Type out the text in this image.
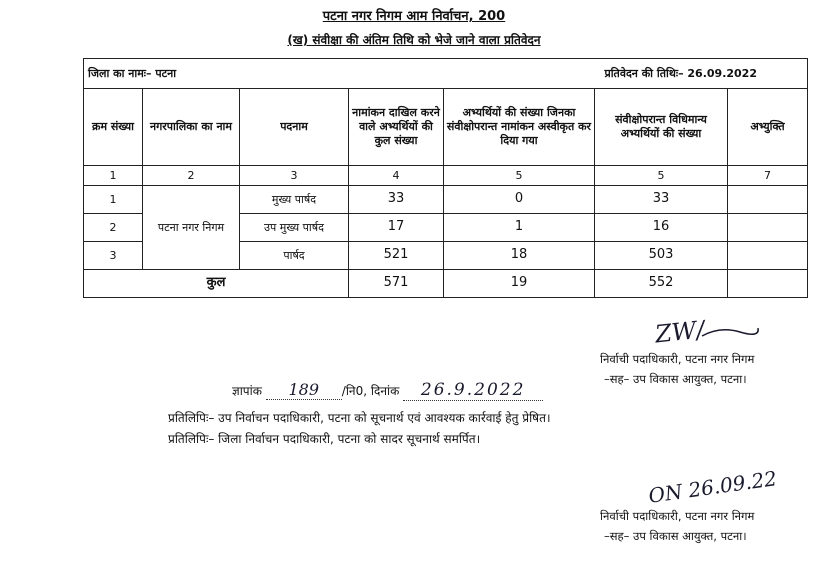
पटना नगर निगम आम निर्वाचन, 200
(ख) संवीक्षा की अंतिम तिथि को भेजे जाने वाला प्रतिवेदन
जिला का नामः– पटना			प्रतिवेदन की तिथिः– 26.09.2022			
क्रम संख्या	नगरपालिका का नाम	पदनाम	नामांकन दाखिल करने वाले अभ्यर्थियों की कुल संख्या	अभ्यर्थियों की संख्या जिनका संवीक्षोपरान्त नामांकन अस्वीकृत कर दिया गया	संवीक्षोपरान्त विधिमान्य अभ्यर्थियों की संख्या	अभ्युक्ति
1	2	3	4	5	5	7
1	पटना नगर निगम	मुख्य पार्षद	33	0	33	
2		उप मुख्य पार्षद	17	1	16	
3		पार्षद	521	18	503	
कुल			571	19	552	
ZW/
निर्वाची पदाधिकारी, पटना नगर निगम
–सह– उप विकास आयुक्त, पटना।
ज्ञापांक 189 /नि0, दिनांक 26.9.2022
प्रतिलिपिः– उप निर्वाचन पदाधिकारी, पटना को सूचनार्थ एवं आवश्यक कार्रवाई हेतु प्रेषित।
प्रतिलिपिः– जिला निर्वाचन पदाधिकारी, पटना को सादर सूचनार्थ समर्पित।
ON 26.09.22
निर्वाची पदाधिकारी, पटना नगर निगम
–सह– उप विकास आयुक्त, पटना।
